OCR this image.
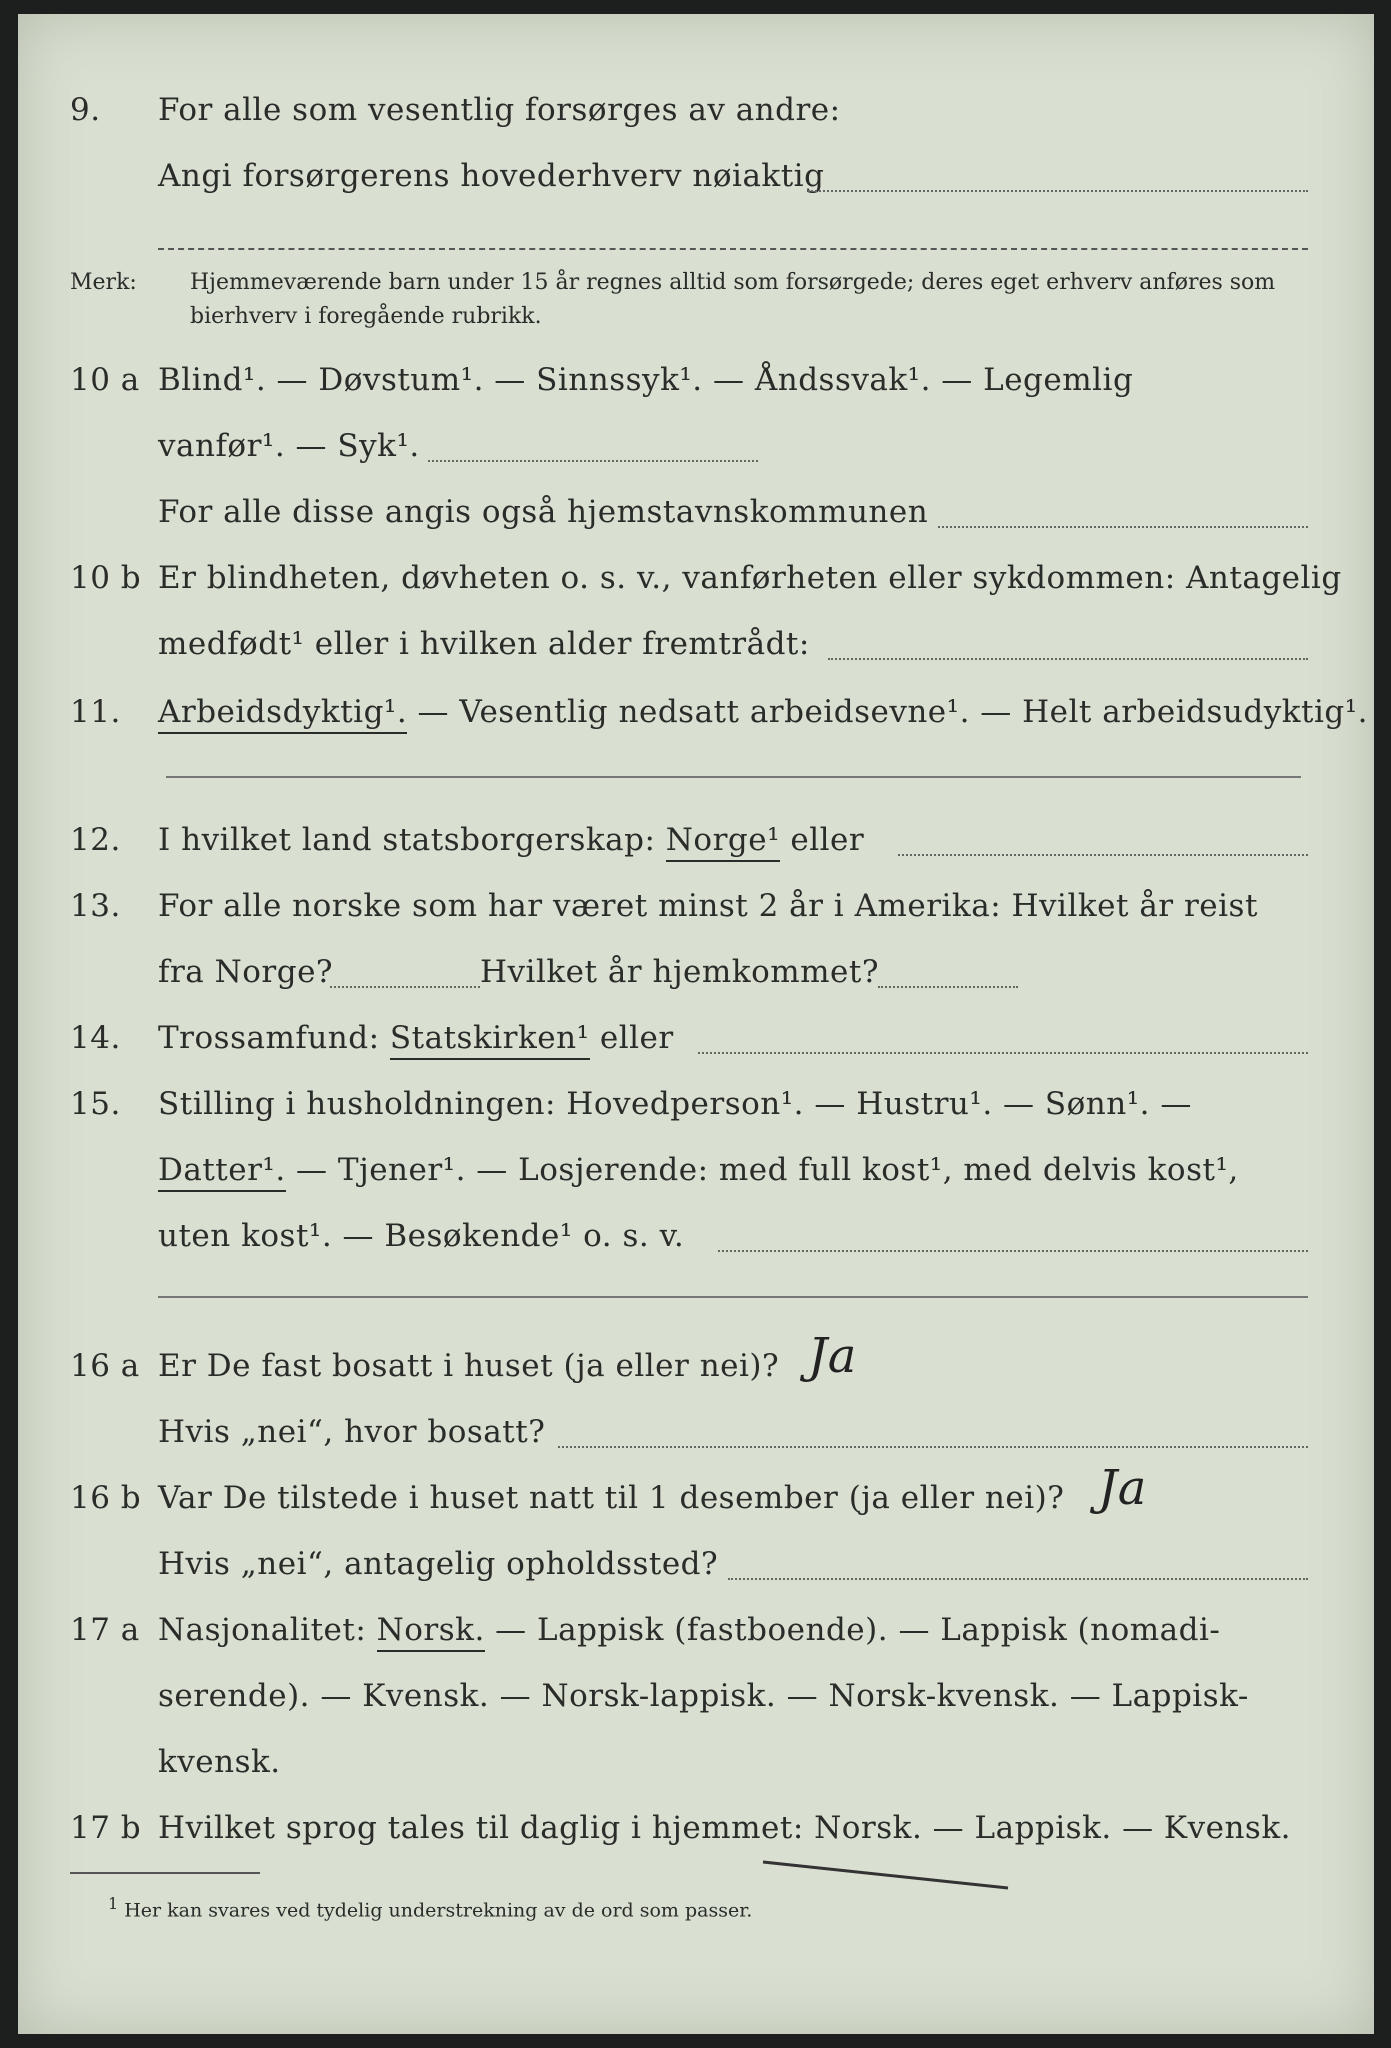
9. For alle som vesentlig forsørges av andre:
Angi forsørgerens hovederhverv nøiaktig
Merk: Hjemmeværende barn under 15 år regnes alltid som forsørgede; deres eget erhverv anføres som bierhverv i foregående rubrikk.
10 a Blind¹. — Døvstum¹. — Sinnssyk¹. — Åndssvak¹. — Legemlig
vanfør¹. — Syk¹.
For alle disse angis også hjemstavnskommunen
10 b Er blindheten, døvheten o. s. v., vanførheten eller sykdommen: Antagelig
medfødt¹ eller i hvilken alder fremtrådt:
11. Arbeidsdyktig¹. — Vesentlig nedsatt arbeidsevne¹. — Helt arbeidsudyktig¹.
12. I hvilket land statsborgerskap: Norge¹ eller
13. For alle norske som har været minst 2 år i Amerika: Hvilket år reist
fra Norge?	Hvilket år hjemkommet?
14. Trossamfund: Statskirken¹ eller
15. Stilling i husholdningen: Hovedperson¹. — Hustru¹. — Sønn¹. —
Datter¹. — Tjener¹. — Losjerende: med full kost¹, med delvis kost¹,
uten kost¹. — Besøkende¹ o. s. v.
16 a Er De fast bosatt i huset (ja eller nei)? Ja
Hvis „nei“, hvor bosatt?
16 b Var De tilstede i huset natt til 1 desember (ja eller nei)? Ja
Hvis „nei“, antagelig opholdssted?
17 a Nasjonalitet: Norsk. — Lappisk (fastboende). — Lappisk (nomadi-
serende). — Kvensk. — Norsk-lappisk. — Norsk-kvensk. — Lappisk-
kvensk.
17 b Hvilket sprog tales til daglig i hjemmet: Norsk. — Lappisk. — Kvensk.
$^1$ Her kan svares ved tydelig understrekning av de ord som passer.
